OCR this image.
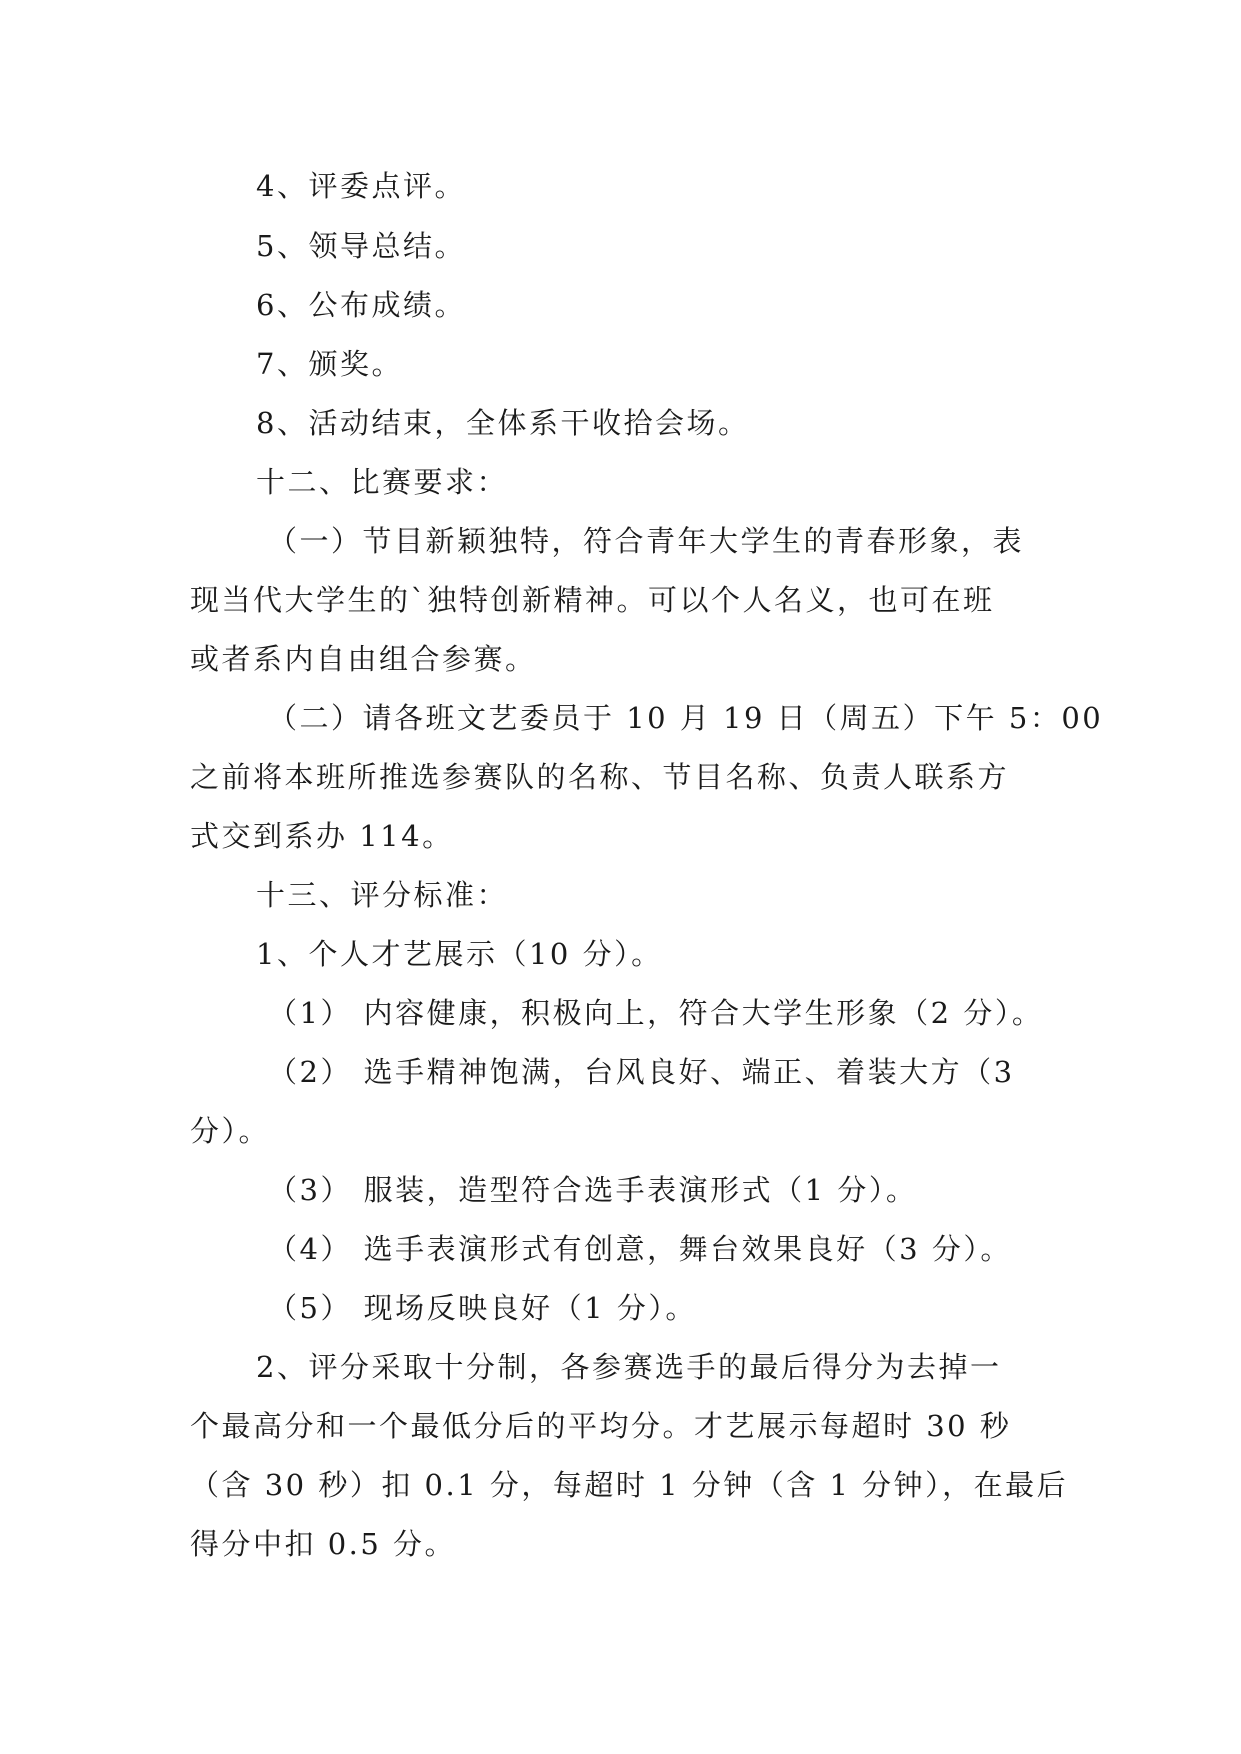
4、评委点评。

5、领导总结。

6、公布成绩。

7、颁奖。

8、活动结束，全体系干收拾会场。

十二、比赛要求：

（一）节目新颖独特，符合青年大学生的青春形象，表

现当代大学生的`独特创新精神。可以个人名义，也可在班

或者系内自由组合参赛。

（二）请各班文艺委员于 10 月 19 日（周五）下午 5：00

之前将本班所推选参赛队的名称、节目名称、负责人联系方

式交到系办 114。

十三、评分标准：

1、个人才艺展示（10 分）。

（1） 内容健康，积极向上，符合大学生形象（2 分）。

（2） 选手精神饱满，台风良好、端正、着装大方（3

分）。

（3） 服装，造型符合选手表演形式（1 分）。

（4） 选手表演形式有创意，舞台效果良好（3 分）。

（5） 现场反映良好（1 分）。

2、评分采取十分制，各参赛选手的最后得分为去掉一

个最高分和一个最低分后的平均分。才艺展示每超时 30 秒

（含 30 秒）扣 0.1 分，每超时 1 分钟（含 1 分钟），在最后

得分中扣 0.5 分。
